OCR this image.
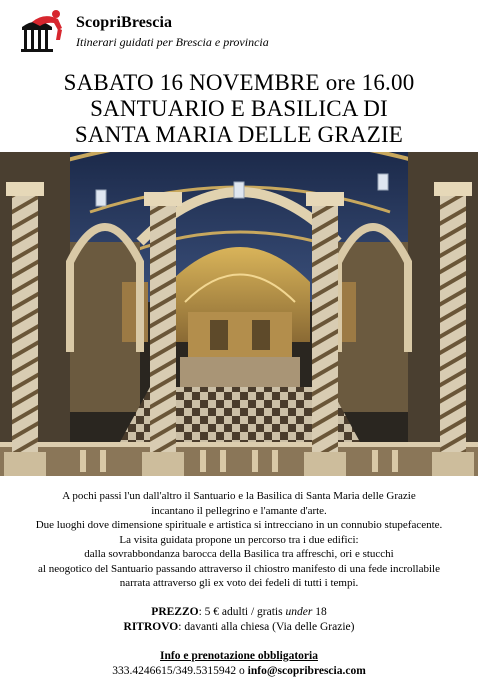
ScopriBrescia
Itinerari guidati per Brescia e provincia
SABATO 16 NOVEMBRE ore 16.00
SANTUARIO E BASILICA DI
SANTA MARIA DELLE GRAZIE
A pochi passi l'un dall'altro il Santuario e la Basilica di Santa Maria delle Grazie
incantano il pellegrino e l'amante d'arte.
Due luoghi dove dimensione spirituale e artistica si intrecciano in un connubio stupefacente.
La visita guidata propone un percorso tra i due edifici:
dalla sovrabbondanza barocca della Basilica tra affreschi, ori e stucchi
al neogotico del Santuario passando attraverso il chiostro manifesto di una fede incrollabile
narrata attraverso gli ex voto dei fedeli di tutti i tempi.
PREZZO: 5 € adulti / gratis under 18
RITROVO: davanti alla chiesa (Via delle Grazie)
Info e prenotazione obbligatoria
333.4246615/349.5315942 o info@scopribrescia.com
